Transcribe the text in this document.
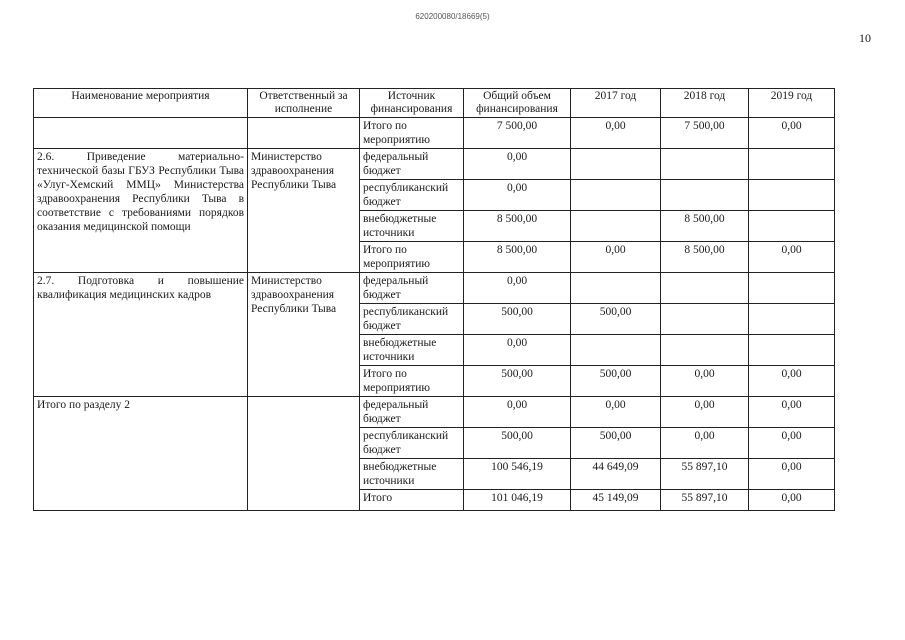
620200080/18669(5)
10
Наименование мероприятия	Ответственный за исполнение	Источник финансирования	Общий объем финансирования	2017 год	2018 год	2019 год
		Итого по мероприятию	7 500,00	0,00	7 500,00	0,00
2.6. Приведение материально-технической базы ГБУЗ Республики Тыва «Улуг-Хемский ММЦ» Министерства здравоохранения Республики Тыва в соответствие с требованиями порядков оказания медицинской помощи	Министерство здравоохранения Республики Тыва	федеральный бюджет	0,00			
		республиканский бюджет	0,00			
		внебюджетные источники	8 500,00		8 500,00	
		Итого по мероприятию	8 500,00	0,00	8 500,00	0,00
2.7. Подготовка и повышение квалификация медицинских кадров	Министерство здравоохранения Республики Тыва	федеральный бюджет	0,00			
		республиканский бюджет	500,00	500,00		
		внебюджетные источники	0,00			
		Итого по мероприятию	500,00	500,00	0,00	0,00
Итого по разделу 2		федеральный бюджет	0,00	0,00	0,00	0,00
		республиканский бюджет	500,00	500,00	0,00	0,00
		внебюджетные источники	100 546,19	44 649,09	55 897,10	0,00
		Итого	101 046,19	45 149,09	55 897,10	0,00
